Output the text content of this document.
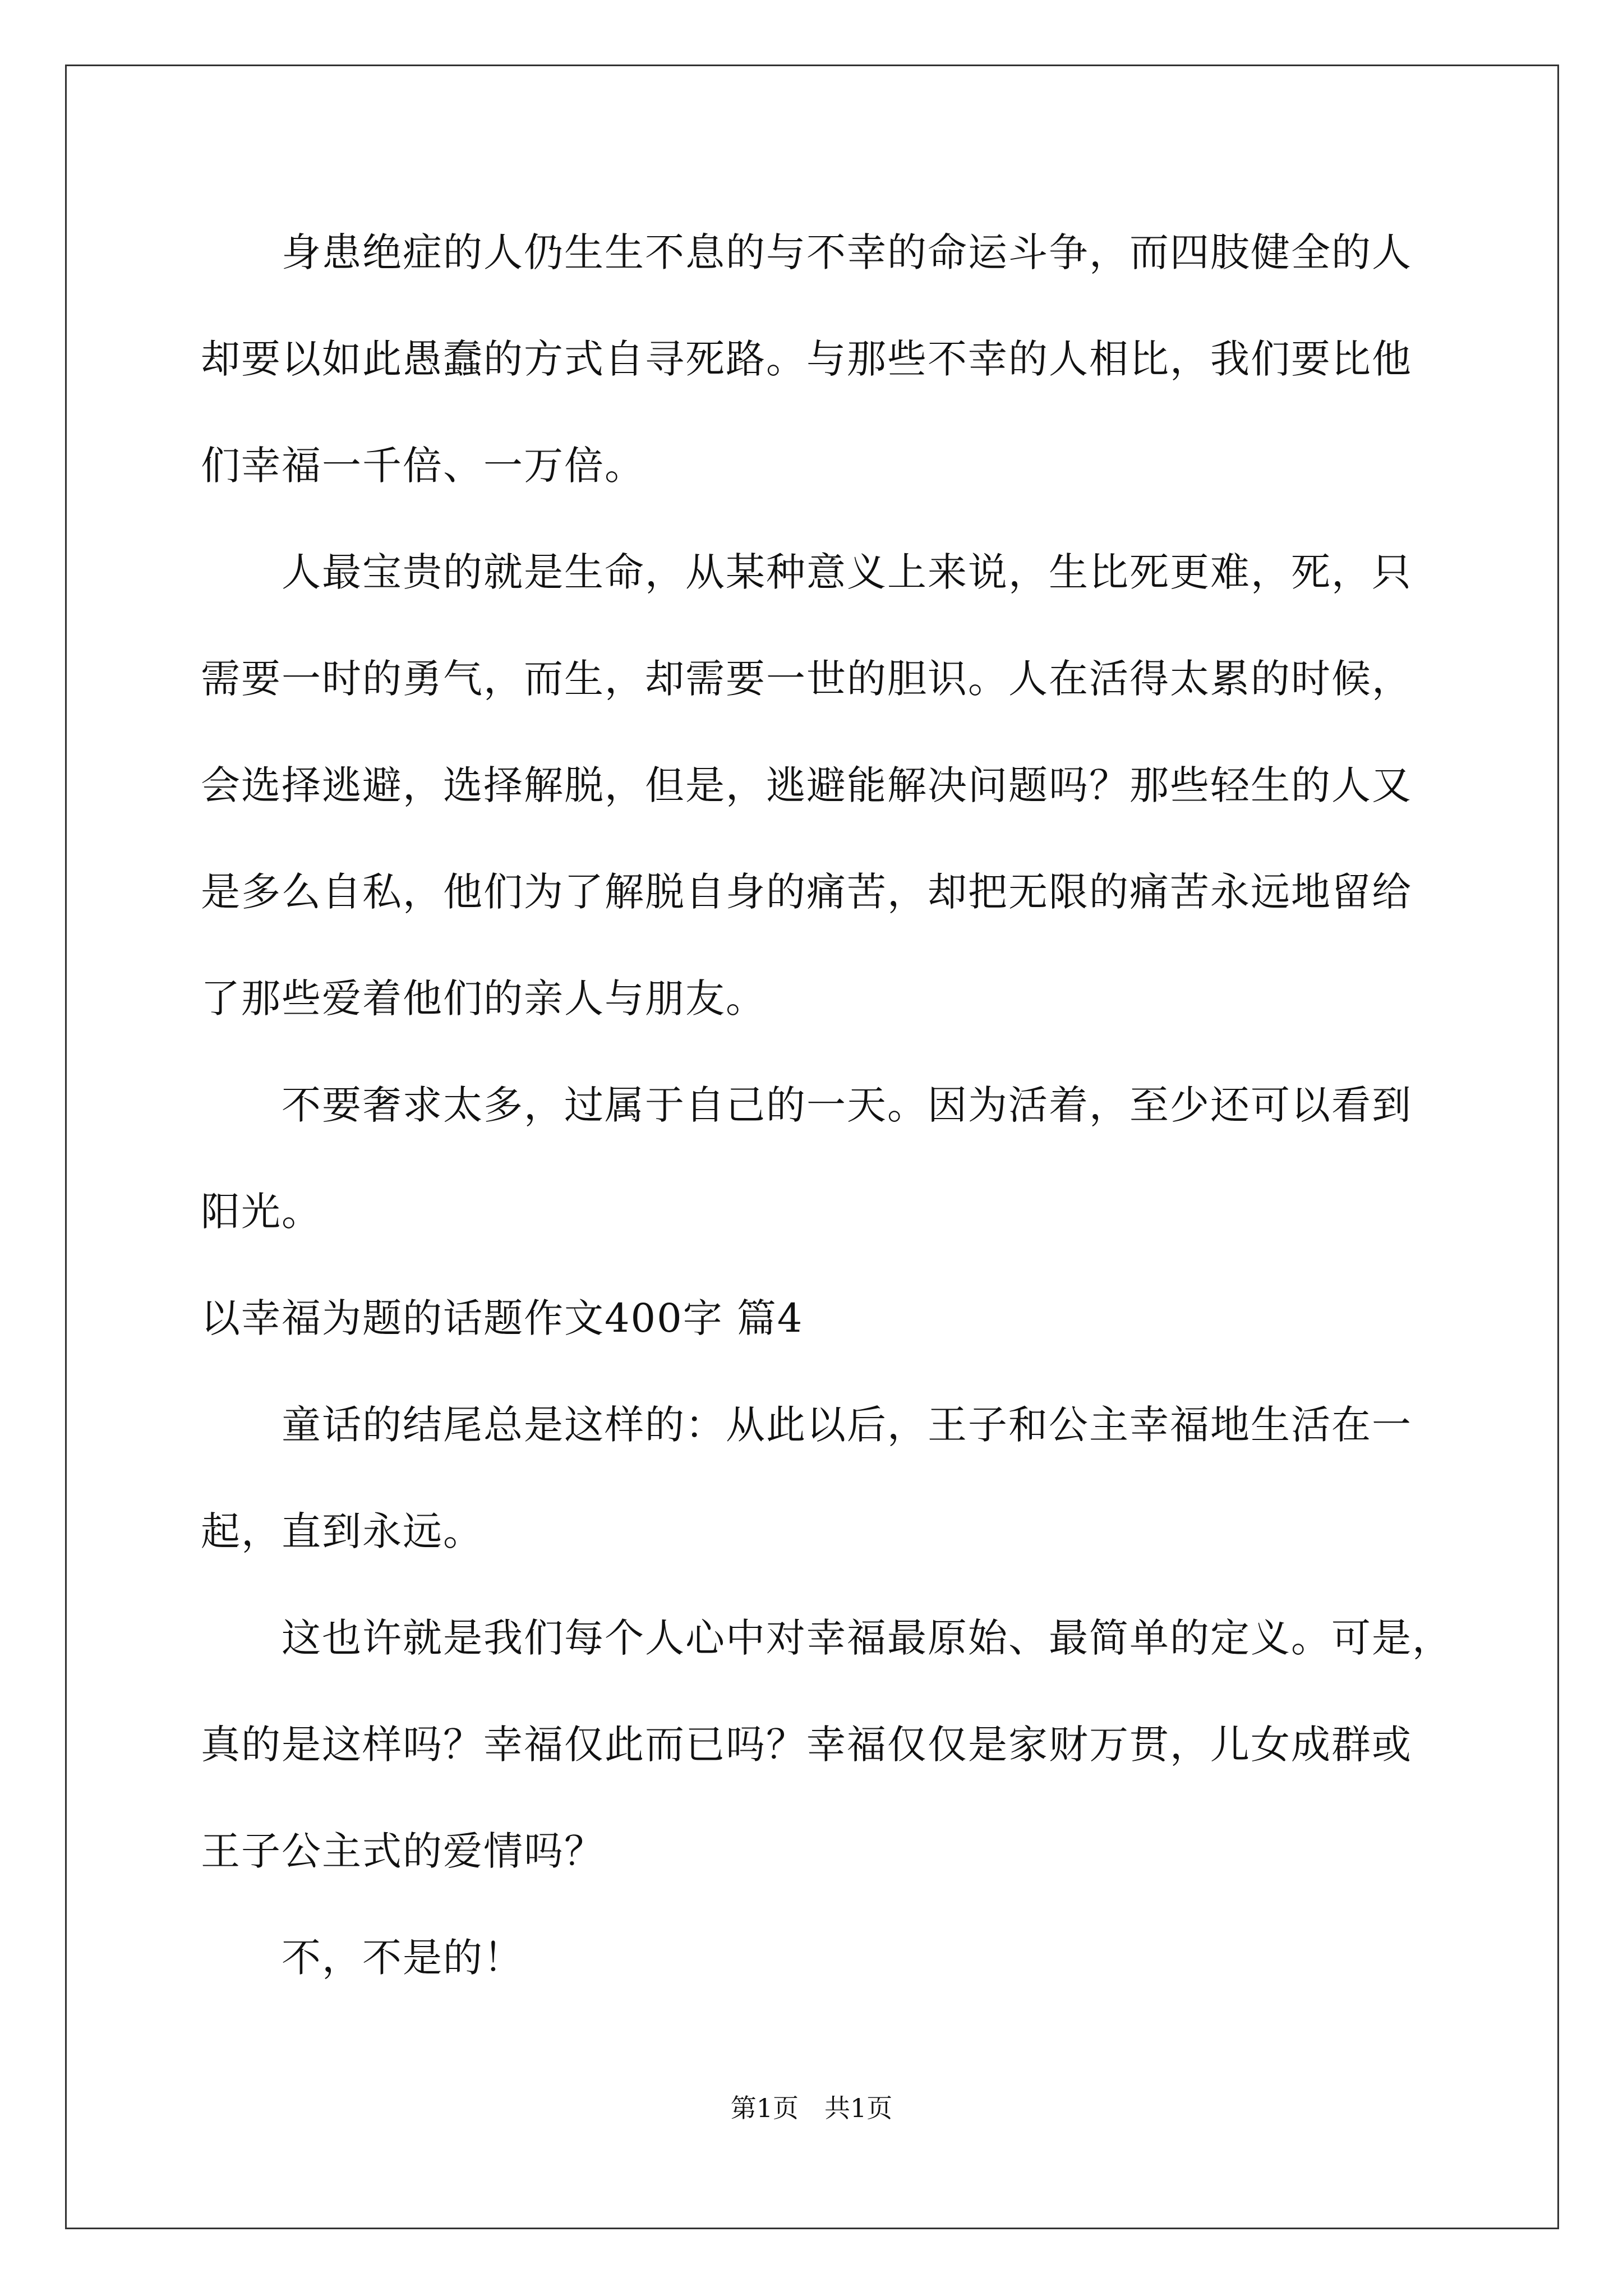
　　身患绝症的人仍生生不息的与不幸的命运斗争，而四肢健全的人
却要以如此愚蠢的方式自寻死路。与那些不幸的人相比，我们要比他
们幸福一千倍、一万倍。
　　人最宝贵的就是生命，从某种意义上来说，生比死更难，死，只
需要一时的勇气，而生，却需要一世的胆识。人在活得太累的时候，
会选择逃避，选择解脱，但是，逃避能解决问题吗？那些轻生的人又
是多么自私，他们为了解脱自身的痛苦，却把无限的痛苦永远地留给
了那些爱着他们的亲人与朋友。
　　不要奢求太多，过属于自己的一天。因为活着，至少还可以看到
阳光。
以幸福为题的话题作文400字 篇4
　　童话的结尾总是这样的：从此以后，王子和公主幸福地生活在一
起，直到永远。
　　这也许就是我们每个人心中对幸福最原始、最简单的定义。可是，
真的是这样吗？幸福仅此而已吗？幸福仅仅是家财万贯，儿女成群或
王子公主式的爱情吗？
　　不，不是的！
第1页　共1页
